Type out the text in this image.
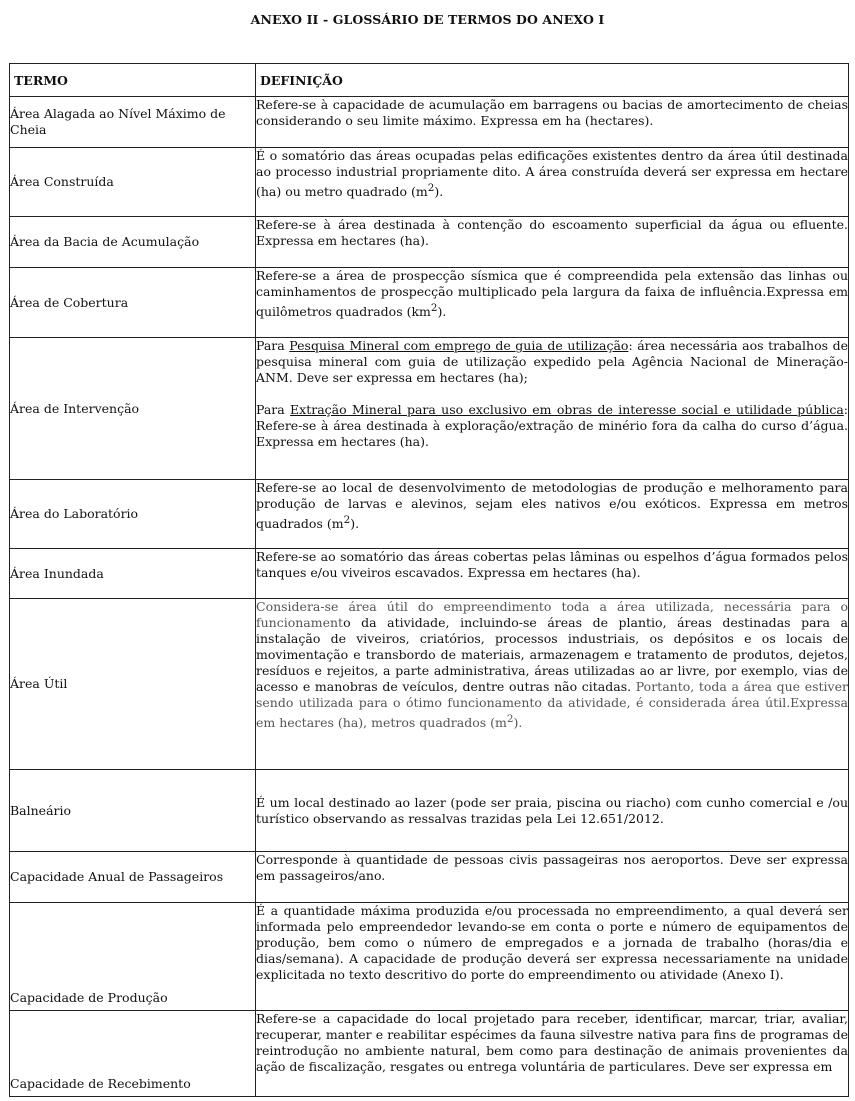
ANEXO II - GLOSSÁRIO DE TERMOS DO ANEXO I
TERMO	DEFINIÇÃO

Área Alagada ao Nível Máximo de Cheia	Refere-se à capacidade de acumulação em barragens ou bacias de amortecimento de cheias considerando o seu limite máximo. Expressa em ha (hectares).
Área Construída	É o somatório das áreas ocupadas pelas edificações existentes dentro da área útil destinada ao processo industrial propriamente dito. A área construída deverá ser expressa em hectare (ha) ou metro quadrado $(m^2)$.
Área da Bacia de Acumulação	Refere-se à área destinada à contenção do escoamento superficial da água ou efluente. Expressa em hectares (ha).
Área de Cobertura	Refere-se a área de prospecção sísmica que é compreendida pela extensão das linhas ou caminhamentos de prospecção multiplicado pela largura da faixa de influência.Expressa em quilômetros quadrados $(km^2)$.
Área de Intervenção	Para Pesquisa Mineral com emprego de guia de utilização: área necessária aos trabalhos de pesquisa mineral com guia de utilização expedido pela Agência Nacional de Mineração-ANM. Deve ser expressa em hectares (ha);
Para Extração Mineral para uso exclusivo em obras de interesse social e utilidade pública: Refere-se à área destinada à exploração/extração de minério fora da calha do curso d’água. Expressa em hectares (ha).

Área do Laboratório	Refere-se ao local de desenvolvimento de metodologias de produção e melhoramento para produção de larvas e alevinos, sejam eles nativos e/ou exóticos. Expressa em metros quadrados $(m^2)$.
Área Inundada	Refere-se ao somatório das áreas cobertas pelas lâminas ou espelhos d’água formados pelos tanques e/ou viveiros escavados. Expressa em hectares (ha).
Área Útil	Considera-se área útil do empreendimento toda a área utilizada, necessária para o funcionamento da atividade, incluindo-se áreas de plantio, áreas destinadas para a instalação de viveiros, criatórios, processos industriais, os depósitos e os locais de movimentação e transbordo de materiais, armazenagem e tratamento de produtos, dejetos, resíduos e rejeitos, a parte administrativa, áreas utilizadas ao ar livre, por exemplo, vias de acesso e manobras de veículos, dentre outras não citadas. Portanto, toda a área que estiver sendo utilizada para o ótimo funcionamento da atividade, é considerada área útil.Expressa em hectares (ha), metros quadrados $(m^2)$.
Balneário	É um local destinado ao lazer (pode ser praia, piscina ou riacho) com cunho comercial e /ou turístico observando as ressalvas trazidas pela Lei 12.651/2012.
Capacidade Anual de Passageiros	Corresponde à quantidade de pessoas civis passageiras nos aeroportos. Deve ser expressa em passageiros/ano.
Capacidade de Produção	É a quantidade máxima produzida e/ou processada no empreendimento, a qual deverá ser informada pelo empreendedor levando-se em conta o porte e número de equipamentos de produção, bem como o número de empregados e a jornada de trabalho (horas/dia e dias/semana). A capacidade de produção deverá ser expressa necessariamente na unidade explicitada no texto descritivo do porte do empreendimento ou atividade (Anexo I).
Capacidade de Recebimento	Refere-se a capacidade do local projetado para receber, identificar, marcar, triar, avaliar, recuperar, manter e reabilitar espécimes da fauna silvestre nativa para fins de programas de reintrodução no ambiente natural, bem como para destinação de animais provenientes da ação de fiscalização, resgates ou entrega voluntária de particulares. Deve ser expressa em
